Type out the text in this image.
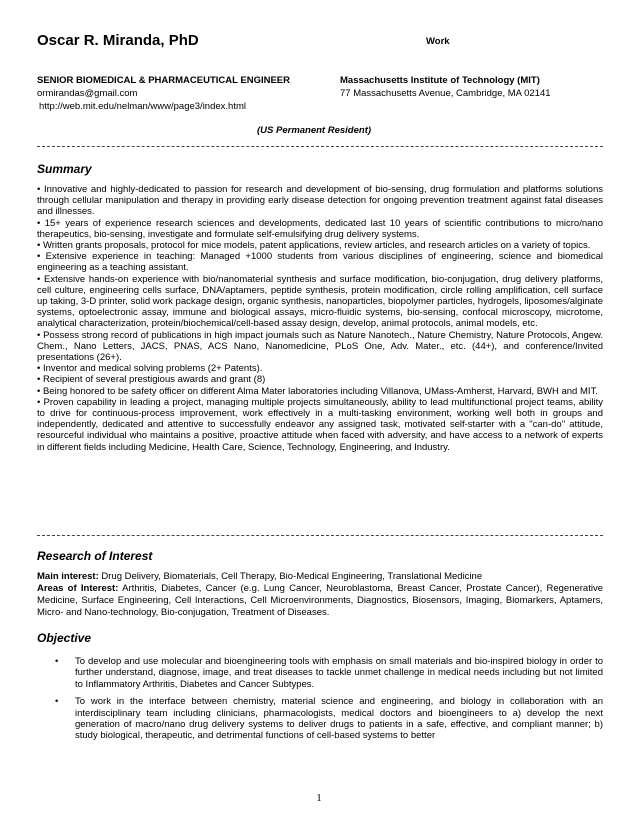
Oscar R. Miranda, PhD	Work
SENIOR BIOMEDICAL & PHARMACEUTICAL ENGINEER	Massachusetts Institute of Technology (MIT)
ormirandas@gmail.com	77 Massachusetts Avenue, Cambridge, MA 02141
http://web.mit.edu/nelman/www/page3/index.html
(US Permanent Resident)
Summary

• Innovative and highly-dedicated to passion for research and development of bio-sensing, drug formulation and platforms solutions through cellular manipulation and therapy in providing early disease detection for ongoing prevention treatment against fatal diseases and illnesses.

• 15+ years of experience research sciences and developments, dedicated last 10 years of scientific contributions to micro/nano therapeutics, bio-sensing, investigate and formulate self-emulsifying drug delivery systems.

• Written grants proposals, protocol for mice models, patent applications, review articles, and research articles on a variety of topics.

• Extensive experience in teaching: Managed +1000 students from various disciplines of engineering, science and biomedical engineering as a teaching assistant.

• Extensive hands-on experience with bio/nanomaterial synthesis and surface modification, bio-conjugation, drug delivery platforms, cell culture, engineering cells surface, DNA/aptamers, peptide synthesis, protein modification, circle rolling amplification, cell surface up taking, 3-D printer, solid work package design, organic synthesis, nanoparticles, biopolymer particles, hydrogels, liposomes/alginate systems, optoelectronic assay, immune and biological assays, micro-fluidic systems, bio-sensing, confocal microscopy, microtome, analytical characterization, protein/biochemical/cell-based assay design, develop, animal protocols, animal models, etc.

• Possess strong record of publications in high impact journals such as Nature Nanotech., Nature Chemistry, Nature Protocols, Angew. Chem., Nano Letters, JACS, PNAS, ACS Nano, Nanomedicine, PLoS One, Adv. Mater., etc. (44+), and conference/Invited presentations (26+).

• Inventor and medical solving problems (2+ Patents).

• Recipient of several prestigious awards and grant (8)

• Being honored to be safety officer on different Alma Mater laboratories including Villanova, UMass-Amherst, Harvard, BWH and MIT.

• Proven capability in leading a project, managing multiple projects simultaneously, ability to lead multifunctional project teams, ability to drive for continuous-process improvement, work effectively in a multi-tasking environment, working well both in groups and independently, dedicated and attentive to successfully endeavor any assigned task, motivated self-starter with a "can-do" attitude, resourceful individual who maintains a positive, proactive attitude when faced with adversity, and have access to a network of experts in different fields including Medicine, Health Care, Science, Technology, Engineering, and Industry.

Research of Interest

Main interest: Drug Delivery, Biomaterials, Cell Therapy, Bio-Medical Engineering, Translational Medicine

Areas of Interest: Arthritis, Diabetes, Cancer (e.g. Lung Cancer, Neuroblastoma, Breast Cancer, Prostate Cancer), Regenerative Medicine, Surface Engineering, Cell Interactions, Cell Microenvironments, Diagnostics, Biosensors, Imaging, Biomarkers, Aptamers, Micro- and Nano-technology, Bio-conjugation, Treatment of Diseases.

Objective
• To develop and use molecular and bioengineering tools with emphasis on small materials and bio-inspired biology in order to further understand, diagnose, image, and treat diseases to tackle unmet challenge in medical needs including but not limited to Inflammatory Arthritis, Diabetes and Cancer Subtypes.
• To work in the interface between chemistry, material science and engineering, and biology in collaboration with an interdisciplinary team including clinicians, pharmacologists, medical doctors and bioengineers to a) develop the next generation of macro/nano drug delivery systems to deliver drugs to patients in a safe, effective, and compliant manner; b) study biological, therapeutic, and detrimental functions of cell-based systems to better
1
